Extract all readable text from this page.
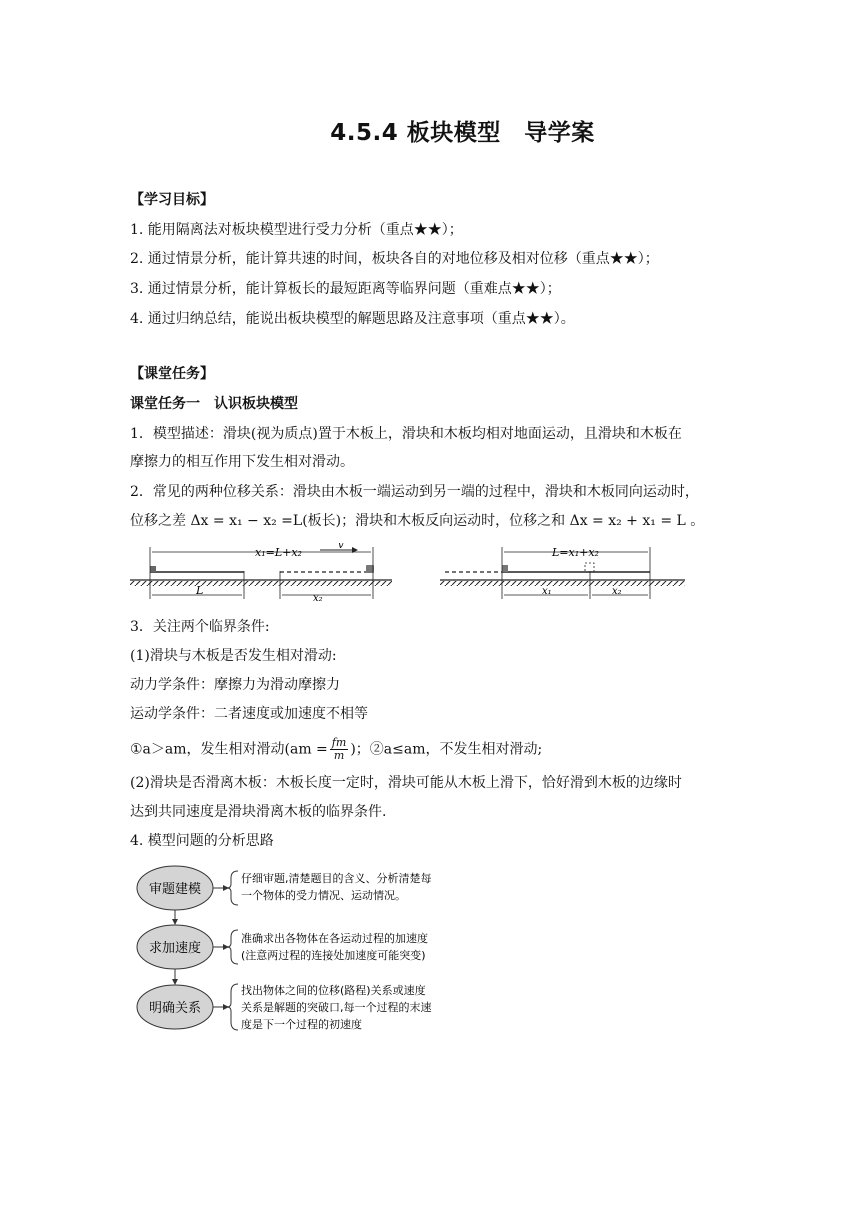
4.5.4 板块模型　导学案
【学习目标】
1. 能用隔离法对板块模型进行受力分析（重点★★）；
2. 通过情景分析，能计算共速的时间，板块各自的对地位移及相对位移（重点★★）；
3. 通过情景分析，能计算板长的最短距离等临界问题（重难点★★）；
4. 通过归纳总结，能说出板块模型的解题思路及注意事项（重点★★）。
【课堂任务】
课堂任务一　认识板块模型
1．模型描述：滑块(视为质点)置于木板上，滑块和木板均相对地面运动，且滑块和木板在
摩擦力的相互作用下发生相对滑动。
2．常见的两种位移关系：滑块由木板一端运动到另一端的过程中，滑块和木板同向运动时，
位移之差 Δx = x₁ − x₂ =L(板长)；滑块和木板反向运动时，位移之和 Δx = x₂ + x₁ = L 。
x₁=L+x₂
v
L
x₂
L=x₁+x₂
x₁	x₂
3．关注两个临界条件:
(1)滑块与木板是否发生相对滑动:
动力学条件：摩擦力为滑动摩擦力
运动学条件：二者速度或加速度不相等
①a＞am，发生相对滑动($am = \frac{fm}{m}$ )；②a≤am，不发生相对滑动;
(2)滑块是否滑离木板：木板长度一定时，滑块可能从木板上滑下，恰好滑到木板的边缘时
达到共同速度是滑块滑离木板的临界条件.
4. 模型问题的分析思路
审题建模
仔细审题,清楚题目的含义、分析清楚每
一个物体的受力情况、运动情况。
求加速度
准确求出各物体在各运动过程的加速度
(注意两过程的连接处加速度可能突变)
明确关系
找出物体之间的位移(路程)关系或速度
关系是解题的突破口,每一个过程的末速
度是下一个过程的初速度
